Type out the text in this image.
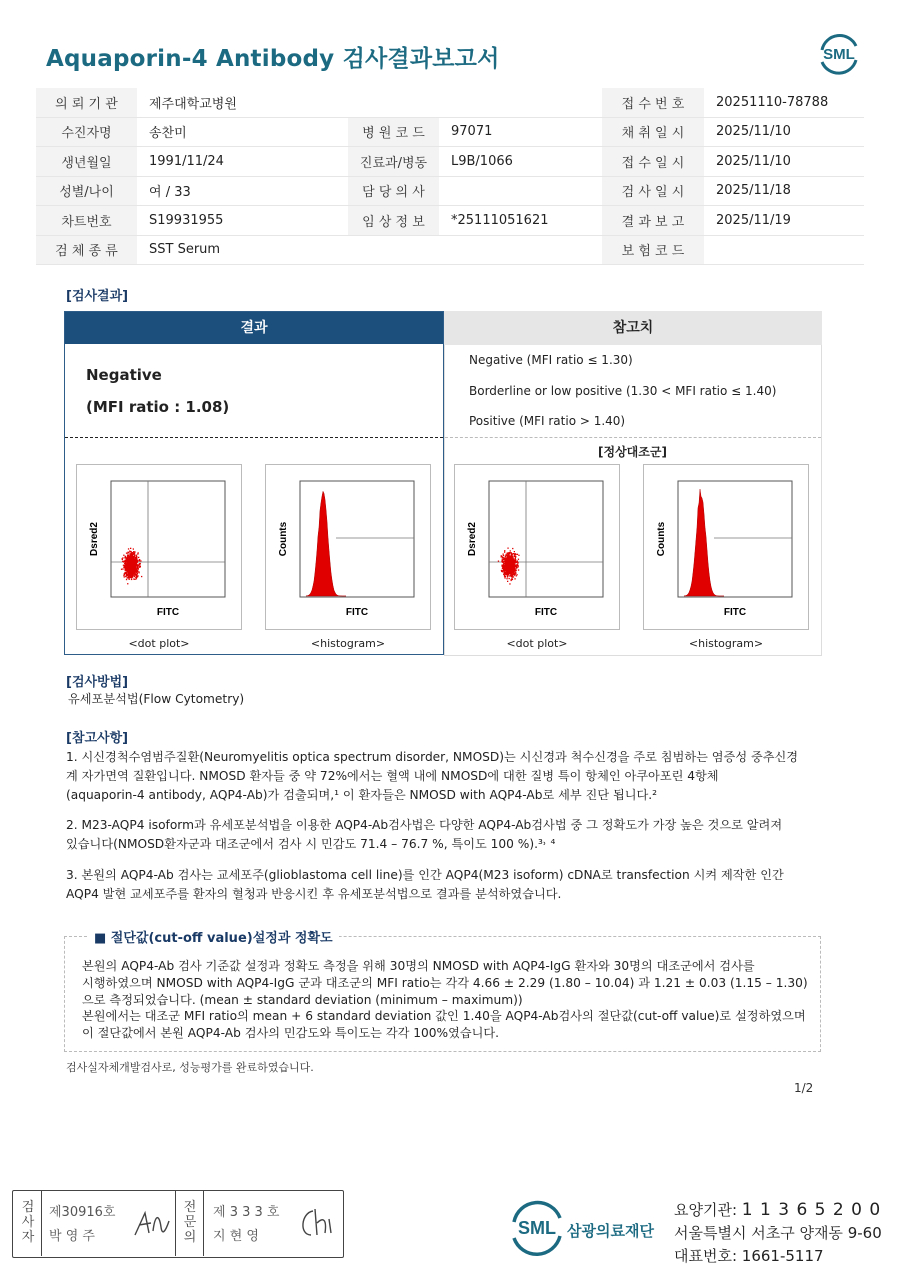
Aquaporin-4 Antibody 검사결과보고서	SML
의 뢰 기 관	제주대학교병원			접 수 번 호	20251110-78788
수진자명	송찬미	병 원 코 드	97071	채 취 일 시	2025/11/10
생년월일	1991/11/24	진료과/병동	L9B/1066	접 수 일 시	2025/11/10
성별/나이	여 / 33	담 당 의 사		검 사 일 시	2025/11/18
차트번호	S19931955	임 상 정 보	*25111051621	결 과 보 고	2025/11/19
검 체 종 류	SST Serum			보 험 코 드	
[검사결과]
참고치
결과
Negative
(MFI ratio : 1.08)
Negative (MFI ratio ≤ 1.30)
Borderline or low positive (1.30 < MFI ratio ≤ 1.40)
Positive (MFI ratio > 1.40)
[정상대조군]
Dsred2
FITC
Counts
FITC
Dsred2
FITC
Counts
FITC
<dot plot>	<histogram>	<dot plot>	<histogram>
[검사방법]
유세포분석법(Flow Cytometry)
[참고사항]
1. 시신경척수염범주질환(Neuromyelitis optica spectrum disorder, NMOSD)는 시신경과 척수신경을 주로 침범하는 염증성 중추신경
계 자가면역 질환입니다. NMOSD 환자들 중 약 72%에서는 혈액 내에 NMOSD에 대한 질병 특이 항체인 아쿠아포린 4항체
(aquaporin-4 antibody, AQP4-Ab)가 검출되며,¹ 이 환자들은 NMOSD with AQP4-Ab로 세부 진단 됩니다.²
2. M23-AQP4 isoform과 유세포분석법을 이용한 AQP4-Ab검사법은 다양한 AQP4-Ab검사법 중 그 정확도가 가장 높은 것으로 알려져
있습니다(NMOSD환자군과 대조군에서 검사 시 민감도 71.4 – 76.7 %, 특이도 100 %).³˒ ⁴
3. 본원의 AQP4-Ab 검사는 교세포주(glioblastoma cell line)를 인간 AQP4(M23 isoform) cDNA로 transfection 시켜 제작한 인간
AQP4 발현 교세포주를 환자의 혈청과 반응시킨 후 유세포분석법으로 결과를 분석하였습니다.
■ 절단값(cut-off value)설정과 정확도
본원의 AQP4-Ab 검사 기준값 설정과 정확도 측정을 위해 30명의 NMOSD with AQP4-IgG 환자와 30명의 대조군에서 검사를
시행하였으며 NMOSD with AQP4-IgG 군과 대조군의 MFI ratio는 각각 4.66 ± 2.29 (1.80 – 10.04) 과 1.21 ± 0.03 (1.15 – 1.30)
으로 측정되었습니다. (mean ± standard deviation (minimum – maximum))
본원에서는 대조군 MFI ratio의 mean + 6 standard deviation 값인 1.40을 AQP4-Ab검사의 절단값(cut-off value)로 설정하였으며
이 절단값에서 본원 AQP4-Ab 검사의 민감도와 특이도는 각각 100%였습니다.
검사실자체개발검사로, 성능평가를 완료하였습니다.
1/2
검
사
자
제30916호
박 영 주
전
문
의
제 3 3 3 호
지 현 영	SML 삼광의료재단
요양기관: 1 1 3 6 5 2 0 0
서울특별시 서초구 양재동 9-60
대표번호: 1661-5117
